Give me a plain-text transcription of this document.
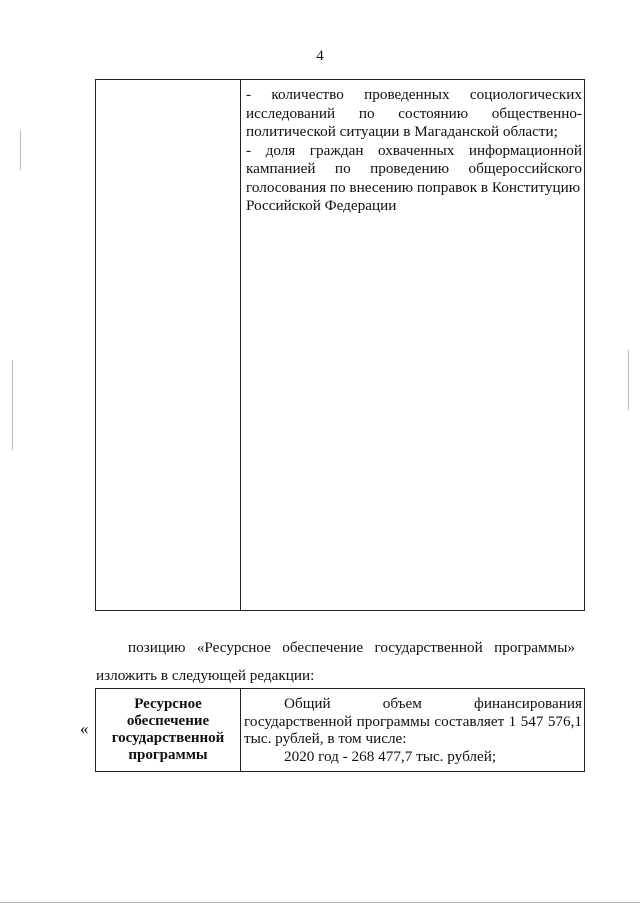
4
- количество проведенных социологических
исследований по состоянию общественно-
политической ситуации в Магаданской области;
- доля граждан охваченных информационной
кампанией по проведению общероссийского
голосования по внесению поправок в Конституцию
Российской Федерации
позицию «Ресурсное обеспечение государственной программы»
изложить в следующей редакции:
«
Ресурсное
обеспечение
государственной
программы
Общий объем финансирования
государственной программы составляет 1 547 576,1
тыс. рублей, в том числе:
2020 год - 268 477,7 тыс. рублей;
